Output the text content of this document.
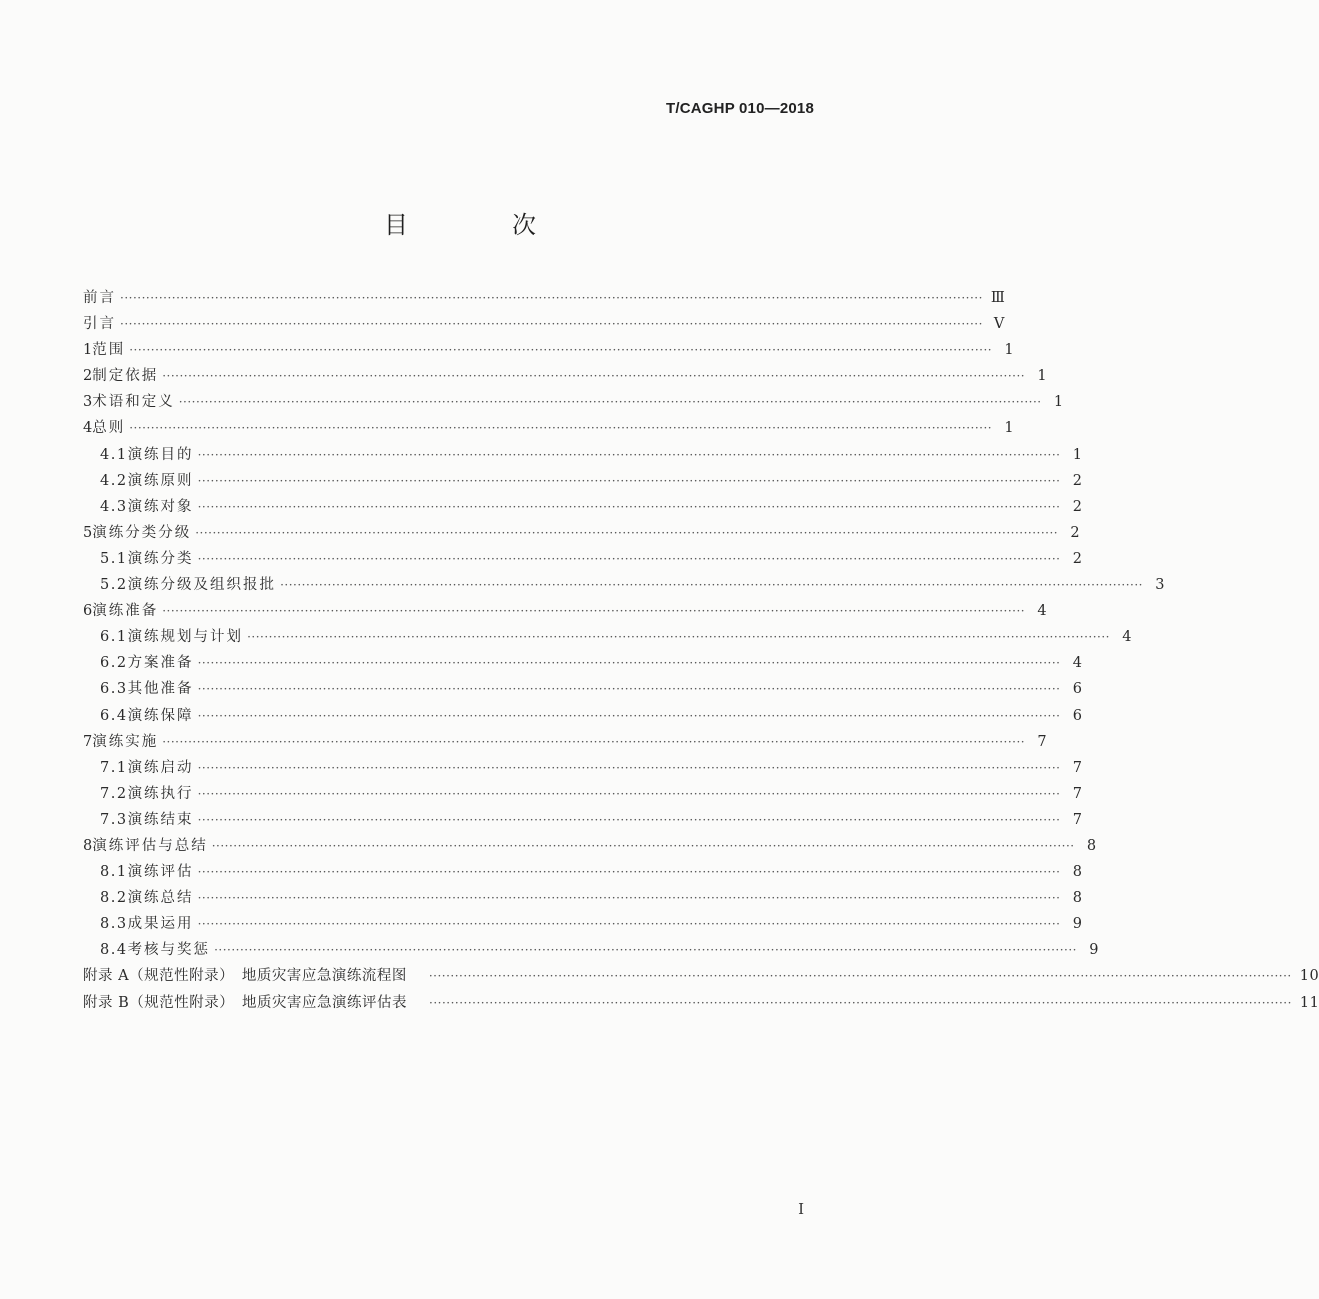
T/CAGHP 010—2018
目　次
前言 ········································································································································································································ Ⅲ
引言 ········································································································································································································ Ⅴ
1 范围 ········································································································································································································ 1
2 制定依据 ········································································································································································································ 1
3 术语和定义 ········································································································································································································ 1
4 总则 ········································································································································································································ 1
4.1 演练目的 ········································································································································································································ 1
4.2 演练原则 ········································································································································································································ 2
4.3 演练对象 ········································································································································································································ 2
5 演练分类分级 ········································································································································································································ 2
5.1 演练分类 ········································································································································································································ 2
5.2 演练分级及组织报批 ········································································································································································································ 3
6 演练准备 ········································································································································································································ 4
6.1 演练规划与计划 ········································································································································································································ 4
6.2 方案准备 ········································································································································································································ 4
6.3 其他准备 ········································································································································································································ 6
6.4 演练保障 ········································································································································································································ 6
7 演练实施 ········································································································································································································ 7
7.1 演练启动 ········································································································································································································ 7
7.2 演练执行 ········································································································································································································ 7
7.3 演练结束 ········································································································································································································ 7
8 演练评估与总结 ········································································································································································································ 8
8.1 演练评估 ········································································································································································································ 8
8.2 演练总结 ········································································································································································································ 8
8.3 成果运用 ········································································································································································································ 9
8.4 考核与奖惩 ········································································································································································································ 9
附录 A（规范性附录）　地质灾害应急演练流程图 ········································································································································································································ 10
附录 B（规范性附录）　地质灾害应急演练评估表 ········································································································································································································ 11
Ⅰ
